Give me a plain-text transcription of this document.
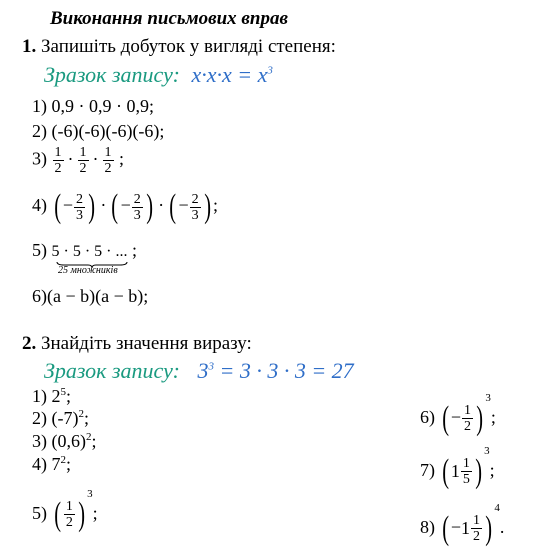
Виконання письмових вправ
1. Запишіть добуток у вигляді степеня:
Зразок запису: $x\cdot x\cdot x = x^3$
1) 0,9 · 0,9 · 0,9;
2) (-6)(-6)(-6)(-6);
$3) \frac{1}{2} \cdot \frac{1}{2} \cdot \frac{1}{2}$ ;
4) ( − $\frac{2}{3}$ ) · ( − $\frac{2}{3}$ ) · ( − $\frac{2}{3}$ ) ;
5) 5 · 5 · 5 · ... ;
25 множників
6)(a − b)(a − b);
2. Знайдіть значення виразу:
Зразок запису: $3^3 = 3 \cdot 3 \cdot 3 = 27$
1) $2^5$;
2) $(-7)^2$;
3) $(0,6)^2$;
4) $7^2$;
5) ( $\frac{1}{2} )^3$;
6) ( − $\frac{1}{2} )^3$;
7) ( $1 \frac{1}{5} )^3$;
8) ( − $1 \frac{1}{2} )^4$.
